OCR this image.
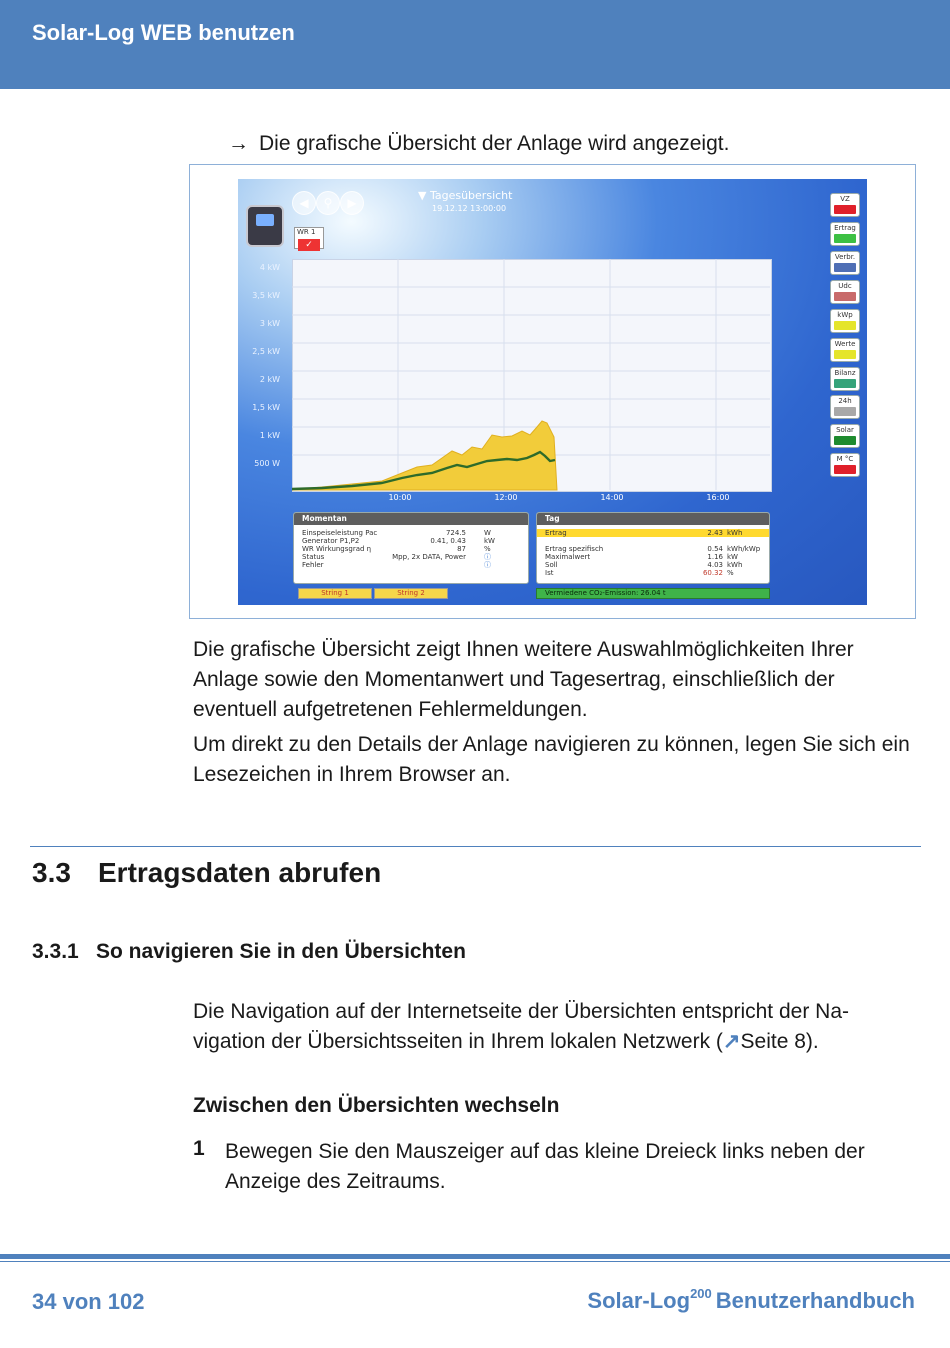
Solar-Log WEB benutzen
→ Die grafische Übersicht der Anlage wird angezeigt.
◀	⚲	▶
▼ Tagesübersicht
19.12.12 13:00:00
WR 1
✓
4 kW
3,5 kW
3 kW
2,5 kW
2 kW
1,5 kW
1 kW
500 W
10:00	12:00	14:00	16:00
VZ
Ertrag
Verbr.
Udc
kWp
Werte
Bilanz
24h
Solar
M °C
Momentan
Einspeiseleistung Pac	724.5	W
Generator P1,P2	0.41, 0.43	kW
WR Wirkungsgrad η	87	%
Status	Mpp, 2x DATA, Power	ⓘ
Fehler	ⓘ
Tag
Ertrag	2.43 kWh
Ertrag spezifisch	0.54 kWh/kWp
Maximalwert	1.16 kW
Soll	4.03 kWh
Ist	60.32 %
String 1	String 2	Vermiedene CO₂-Emission: 26.04 t
Die grafische Übersicht zeigt Ihnen weitere Auswahlmöglichkeiten Ihrer Anlage sowie den Momentanwert und Tagesertrag, einschließlich der eventuell aufgetretenen Fehlermeldungen.
Um direkt zu den Details der Anlage navigieren zu können, legen Sie sich ein Lesezeichen in Ihrem Browser an.
3.3 Ertragsdaten abrufen
3.3.1 So navigieren Sie in den Übersichten
Die Navigation auf der Internetseite der Übersichten entspricht der Na-vigation der Übersichtsseiten in Ihrem lokalen Netzwerk (↗Seite 8).
Zwischen den Übersichten wechseln
1 Bewegen Sie den Mauszeiger auf das kleine Dreieck links neben der Anzeige des Zeitraums.
34 von 102	Solar-Log$^{200}$ Benutzerhandbuch
